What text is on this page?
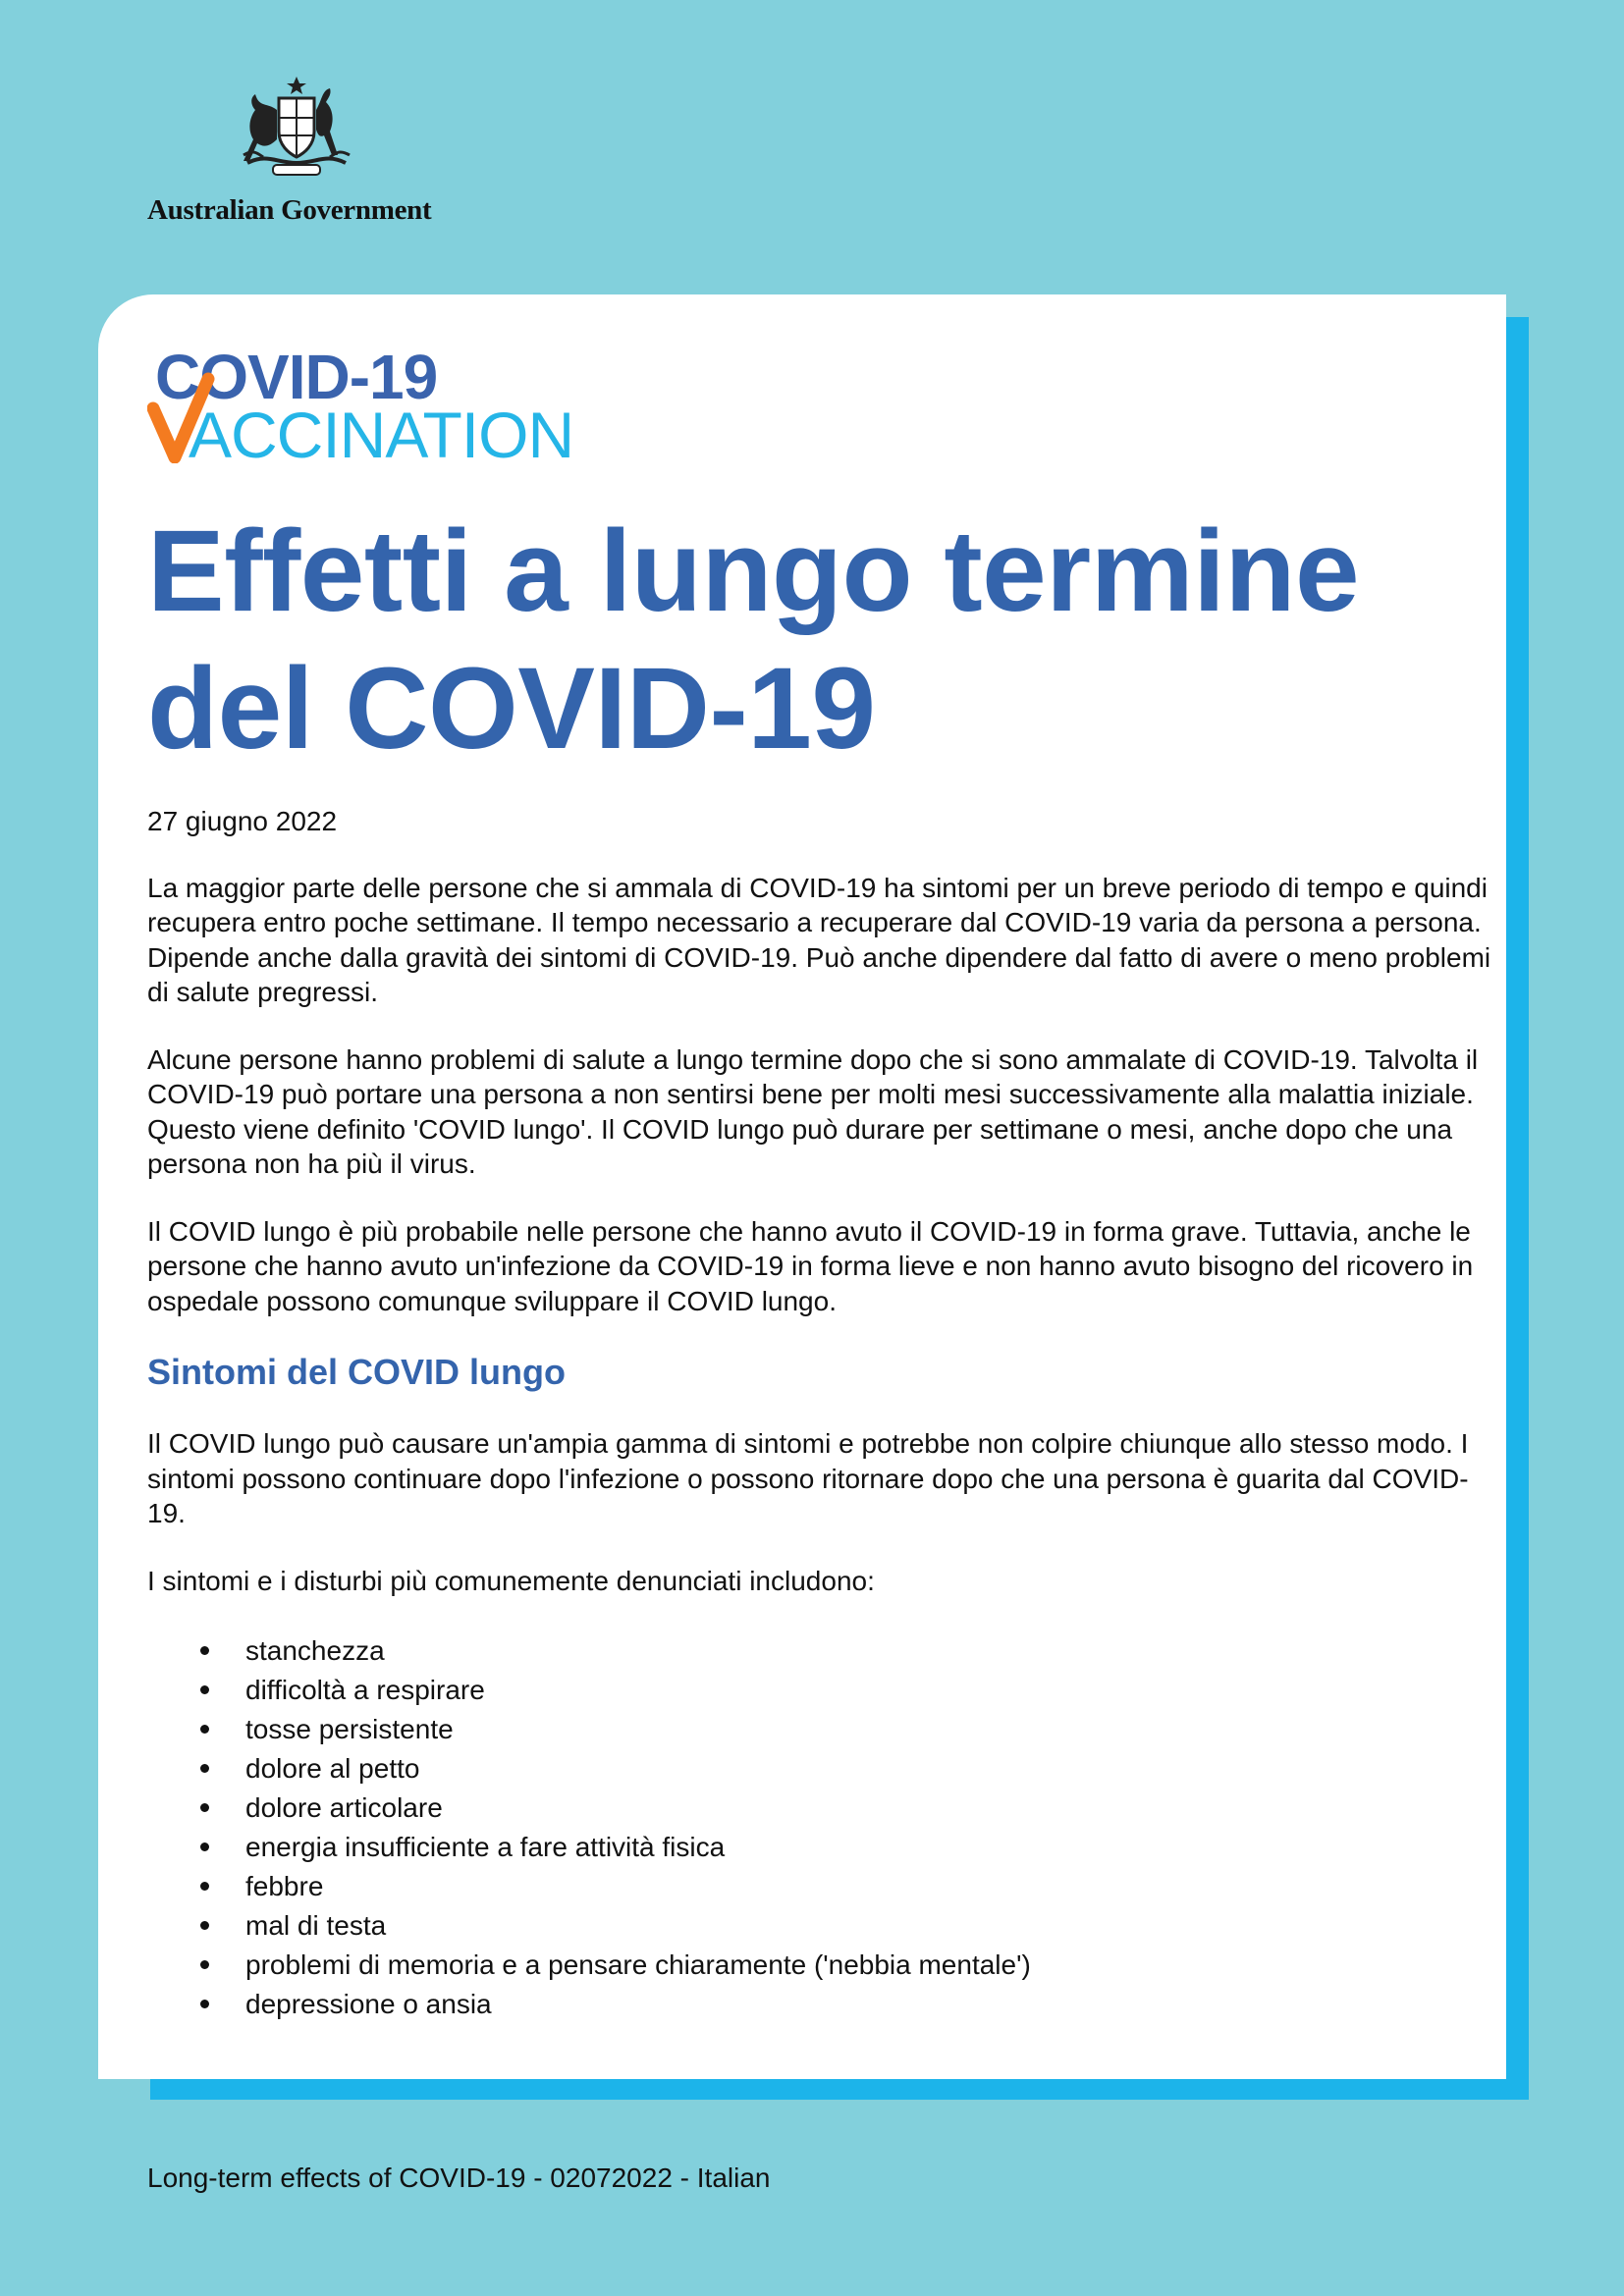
Australian Government
COVID-19
ACCINATION
Effetti a lungo termine del COVID-19

27 giugno 2022

La maggior parte delle persone che si ammala di COVID-19 ha sintomi per un breve periodo di tempo e quindi recupera entro poche settimane. Il tempo necessario a recuperare dal COVID-19 varia da persona a persona. Dipende anche dalla gravità dei sintomi di COVID-19. Può anche dipendere dal fatto di avere o meno problemi di salute pregressi.

Alcune persone hanno problemi di salute a lungo termine dopo che si sono ammalate di COVID-19. Talvolta il COVID-19 può portare una persona a non sentirsi bene per molti mesi successivamente alla malattia iniziale. Questo viene definito 'COVID lungo'. Il COVID lungo può durare per settimane o mesi, anche dopo che una persona non ha più il virus.

Il COVID lungo è più probabile nelle persone che hanno avuto il COVID-19 in forma grave. Tuttavia, anche le persone che hanno avuto un'infezione da COVID-19 in forma lieve e non hanno avuto bisogno del ricovero in ospedale possono comunque sviluppare il COVID lungo.

Sintomi del COVID lungo

Il COVID lungo può causare un'ampia gamma di sintomi e potrebbe non colpire chiunque allo stesso modo. I sintomi possono continuare dopo l'infezione o possono ritornare dopo che una persona è guarita dal COVID-19.

I sintomi e i disturbi più comunemente denunciati includono:

stanchezza
difficoltà a respirare
tosse persistente
dolore al petto
dolore articolare
energia insufficiente a fare attività fisica
febbre
mal di testa
problemi di memoria e a pensare chiaramente ('nebbia mentale')
depressione o ansia
Long-term effects of COVID-19 - 02072022 - Italian
